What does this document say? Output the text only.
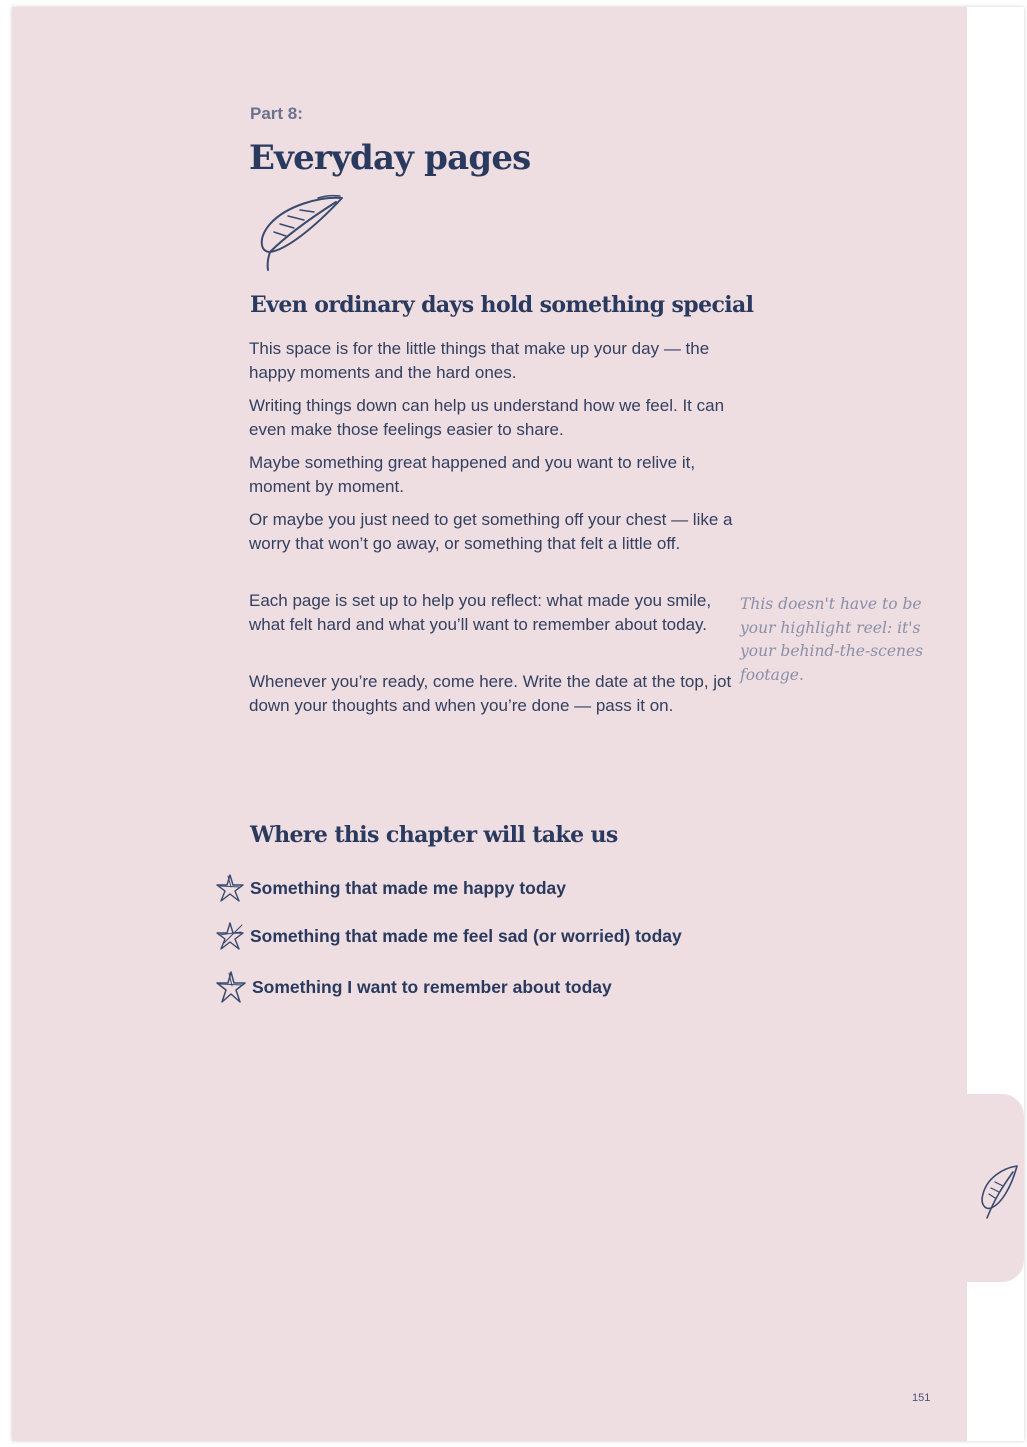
Part 8:
Everyday pages
Even ordinary days hold something special

This space is for the little things that make up your day — the happy moments and the hard ones.

Writing things down can help us understand how we feel. It can even make those feelings easier to share.

Maybe something great happened and you want to relive it, moment by moment.

Or maybe you just need to get something off your chest — like a worry that won’t go away, or something that felt a little off.

Each page is set up to help you reflect: what made you smile, what felt hard and what you’ll want to remember about today.

Whenever you’re ready, come here. Write the date at the top, jot down your thoughts and when you’re done — pass it on.

This doesn't have to be your highlight reel: it's your behind-the-scenes footage.

Where this chapter will take us
Something that made me happy today
Something that made me feel sad (or worried) today
Something I want to remember about today
151
